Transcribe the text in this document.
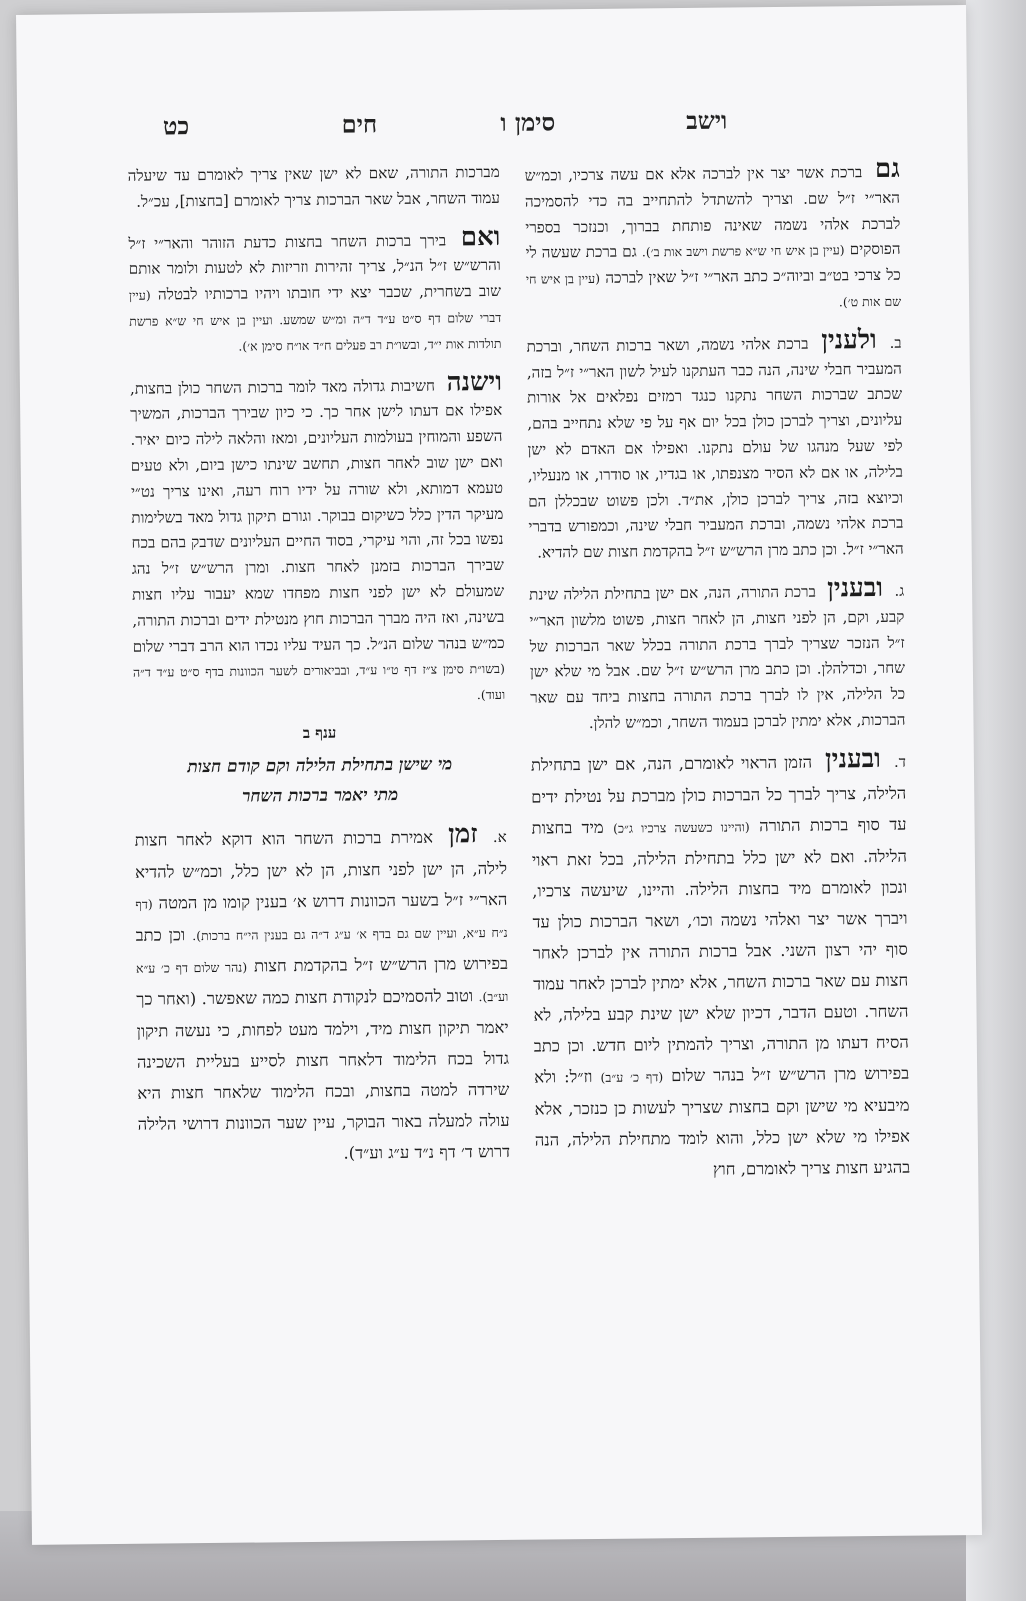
וישב
סימן ו
חים
כט

גם ברכת אשר יצר אין לברכה אלא אם עשה צרכיו, וכמ״ש האר״י ז״ל שם. וצריך להשתדל להתחייב בה כדי להסמיכה לברכת אלהי נשמה שאינה פותחת בברוך, וכנזכר בספרי הפוסקים (עיין בן איש חי ש״א פרשת וישב אות ב׳). גם ברכת שעשה לי כל צרכי בט״ב וביוה״כ כתב האר״י ז״ל שאין לברכה (עיין בן איש חי שם אות ט׳).

ב. ולענין ברכת אלהי נשמה, ושאר ברכות השחר, וברכת המעביר חבלי שינה, הנה כבר העתקנו לעיל לשון האר״י ז״ל בזה, שכתב שברכות השחר נתקנו כנגד רמזים נפלאים אל אורות עליונים, וצריך לברכן כולן בכל יום אף על פי שלא נתחייב בהם, לפי שעל מנהגו של עולם נתקנו. ואפילו אם האדם לא ישן בלילה, או אם לא הסיר מצנפתו, או בגדיו, או סודרו, או מנעליו, וכיוצא בזה, צריך לברכן כולן, את״ד. ולכן פשוט שבכללן הם ברכת אלהי נשמה, וברכת המעביר חבלי שינה, וכמפורש בדברי האר״י ז״ל. וכן כתב מרן הרש״ש ז״ל בהקדמת חצות שם להדיא.

ג. ובענין ברכת התורה, הנה, אם ישן בתחילת הלילה שינת קבע, וקם, הן לפני חצות, הן לאחר חצות, פשוט מלשון האר״י ז״ל הנזכר שצריך לברך ברכת התורה בכלל שאר הברכות של שחר, וכדלהלן. וכן כתב מרן הרש״ש ז״ל שם. אבל מי שלא ישן כל הלילה, אין לו לברך ברכת התורה בחצות ביחד עם שאר הברכות, אלא ימתין לברכן בעמוד השחר, וכמ״ש להלן.

ד. ובענין הזמן הראוי לאומרם, הנה, אם ישן בתחילת הלילה, צריך לברך כל הברכות כולן מברכת על נטילת ידים עד סוף ברכות התורה (והיינו כשעשה צרכיו ג״כ) מיד בחצות הלילה. ואם לא ישן כלל בתחילת הלילה, בכל זאת ראוי ונכון לאומרם מיד בחצות הלילה. והיינו, שיעשה צרכיו, ויברך אשר יצר ואלהי נשמה וכו׳, ושאר הברכות כולן עד סוף יהי רצון השני. אבל ברכות התורה אין לברכן לאחר חצות עם שאר ברכות השחר, אלא ימתין לברכן לאחר עמוד השחר. וטעם הדבר, דכיון שלא ישן שינת קבע בלילה, לא הסיח דעתו מן התורה, וצריך להמתין ליום חדש. וכן כתב בפירוש מרן הרש״ש ז״ל בנהר שלום (דף כ׳ ע״ב) וז״ל: ולא מיבעיא מי שישן וקם בחצות שצריך לעשות כן כנזכר, אלא אפילו מי שלא ישן כלל, והוא לומד מתחילת הלילה, הנה בהגיע חצות צריך לאומרם, חוץ

מברכות התורה, שאם לא ישן שאין צריך לאומרם עד שיעלה עמוד השחר, אבל שאר הברכות צריך לאומרם [בחצות], עכ״ל.

ואם בירך ברכות השחר בחצות כדעת הזוהר והאר״י ז״ל והרש״ש ז״ל הנ״ל, צריך זהירות וזריזות לא לטעות ולומר אותם שוב בשחרית, שכבר יצא ידי חובתו ויהיו ברכותיו לבטלה (עיין דברי שלום דף ס״ט ע״ד ד״ה ומ״ש שמשע. ועיין בן איש חי ש״א פרשת תולדות אות י״ד, ובשו״ת רב פעלים ח״ד או״ח סימן א׳).

וישנה חשיבות גדולה מאד לומר ברכות השחר כולן בחצות, אפילו אם דעתו לישן אחר כך. כי כיון שבירך הברכות, המשיך השפע והמוחין בעולמות העליונים, ומאז והלאה לילה כיום יאיר. ואם ישן שוב לאחר חצות, תחשב שינתו כישן ביום, ולא טעים טעמא דמותא, ולא שורה על ידיו רוח רעה, ואינו צריך נט״י מעיקר הדין כלל כשיקום בבוקר. וגורם תיקון גדול מאד בשלימות נפשו בכל זה, והוי עיקרי, בסוד החיים העליונים שדבק בהם בכח שבירך הברכות בזמנן לאחר חצות. ומרן הרש״ש ז״ל נהג שמעולם לא ישן לפני חצות מפחדו שמא יעבור עליו חצות בשינה, ואז היה מברך הברכות חוץ מנטילת ידים וברכות התורה, כמ״ש בנהר שלום הנ״ל. כך העיד עליו נכדו הוא הרב דברי שלום (בשו״ת סימן צ״ז דף ט״ו ע״ד, ובביאורים לשער הכוונות בדף ס״ט ע״ד ד״ה ועוד).

ענף ב
מי שישן בתחילת הלילה וקם קודם חצות
מתי יאמר ברכות השחר

א. זמן אמירת ברכות השחר הוא דוקא לאחר חצות לילה, הן ישן לפני חצות, הן לא ישן כלל, וכמ״ש להדיא האר״י ז״ל בשער הכוונות דרוש א׳ בענין קומו מן המטה (דף נ״ח ע״א, ועיין שם גם בדף א׳ ע״ג ד״ה גם בענין הי״ח ברכות). וכן כתב בפירוש מרן הרש״ש ז״ל בהקדמת חצות (נהר שלום דף כ׳ ע״א וע״ב). וטוב להסמיכם לנקודת חצות כמה שאפשר. (ואחר כך יאמר תיקון חצות מיד, וילמד מעט לפחות, כי נעשה תיקון גדול בכח הלימוד דלאחר חצות לסייע בעליית השכינה שירדה למטה בחצות, ובכח הלימוד שלאחר חצות היא עולה למעלה באור הבוקר, עיין שער הכוונות דרושי הלילה דרוש ד׳ דף נ״ד ע״ג וע״ד).
